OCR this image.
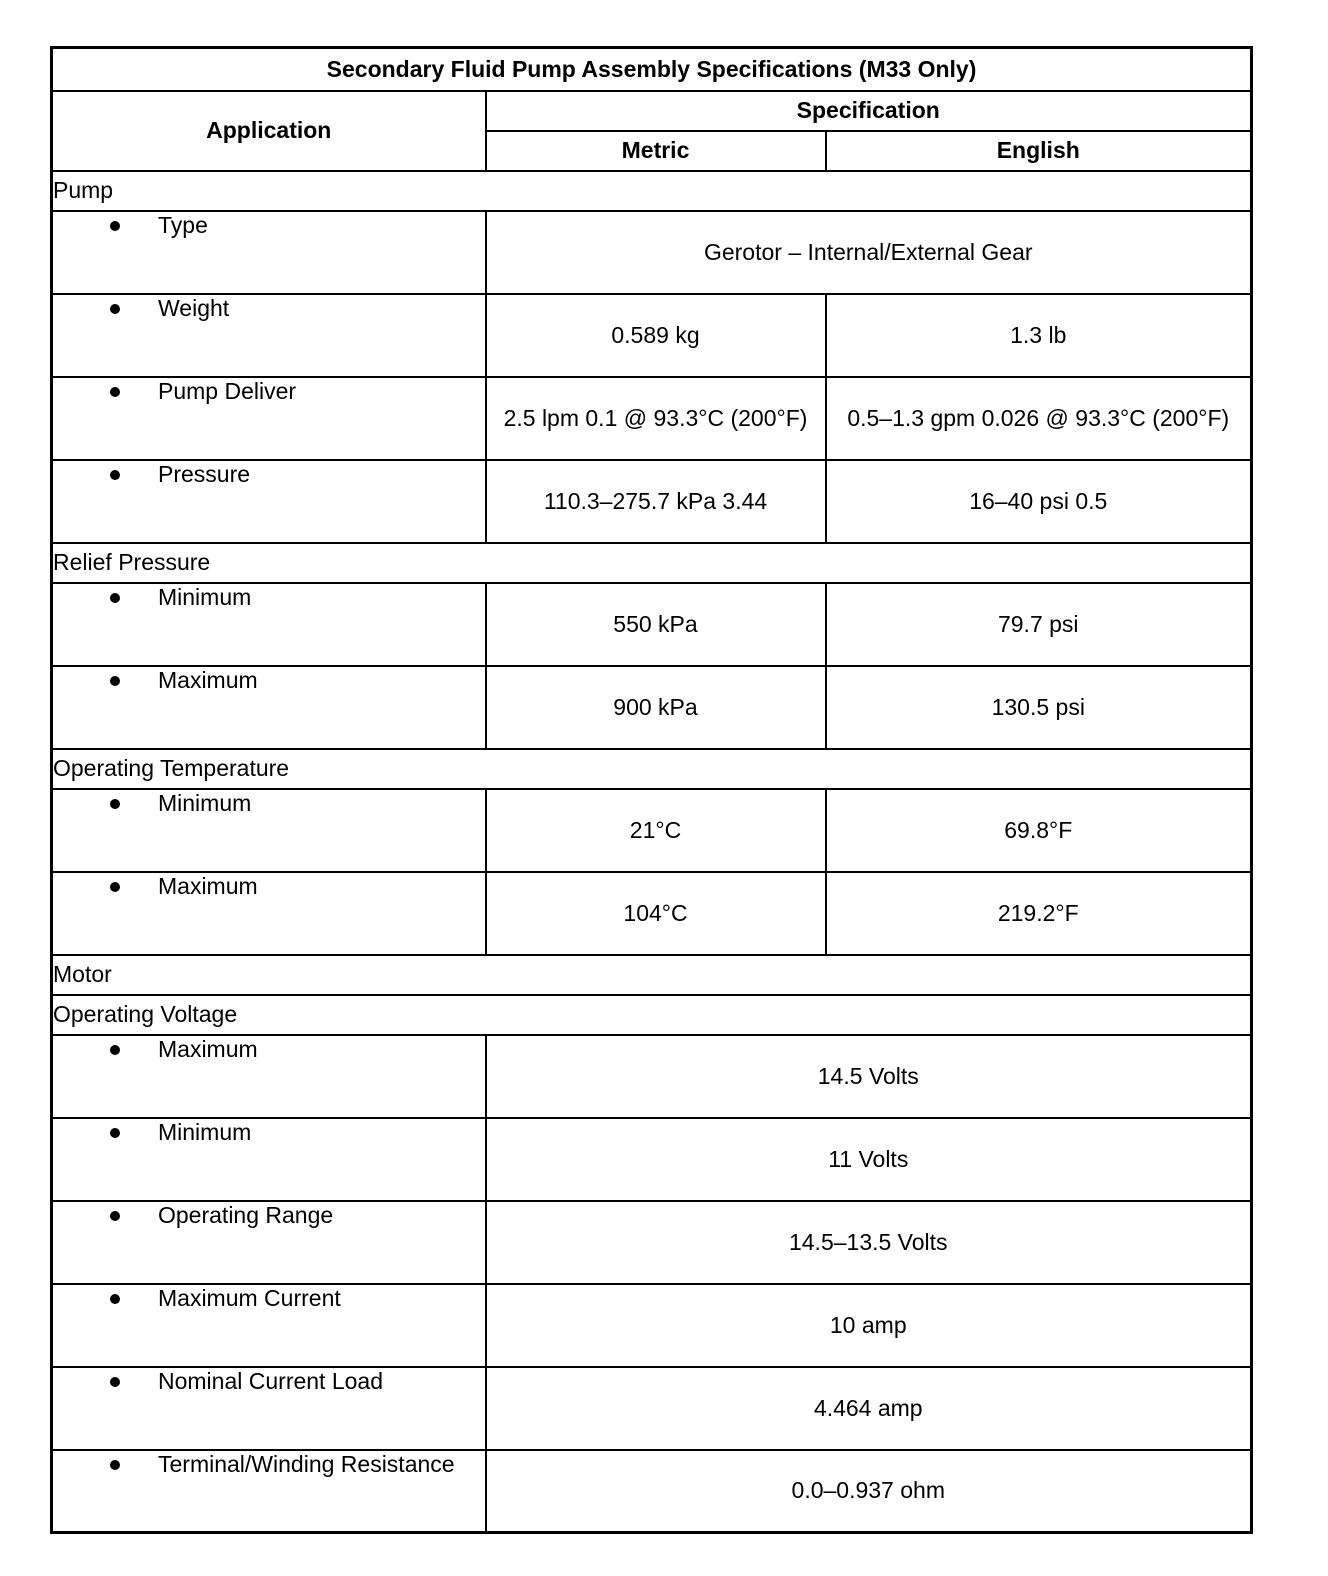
Secondary Fluid Pump Assembly Specifications (M33 Only)		
Application	Specification	
	Metric	English
Pump		
Type	Gerotor – Internal/External Gear	
Weight	0.589 kg	1.3 lb
Pump Deliver	2.5 lpm 0.1 @ 93.3°C (200°F)	0.5–1.3 gpm 0.026 @ 93.3°C (200°F)
Pressure	110.3–275.7 kPa 3.44	16–40 psi 0.5
Relief Pressure		
Minimum	550 kPa	79.7 psi
Maximum	900 kPa	130.5 psi
Operating Temperature		
Minimum	21°C	69.8°F
Maximum	104°C	219.2°F
Motor		
Operating Voltage		
Maximum	14.5 Volts	
Minimum	11 Volts	
Operating Range	14.5–13.5 Volts	
Maximum Current	10 amp	
Nominal Current Load	4.464 amp	
Terminal/Winding Resistance	0.0–0.937 ohm	
